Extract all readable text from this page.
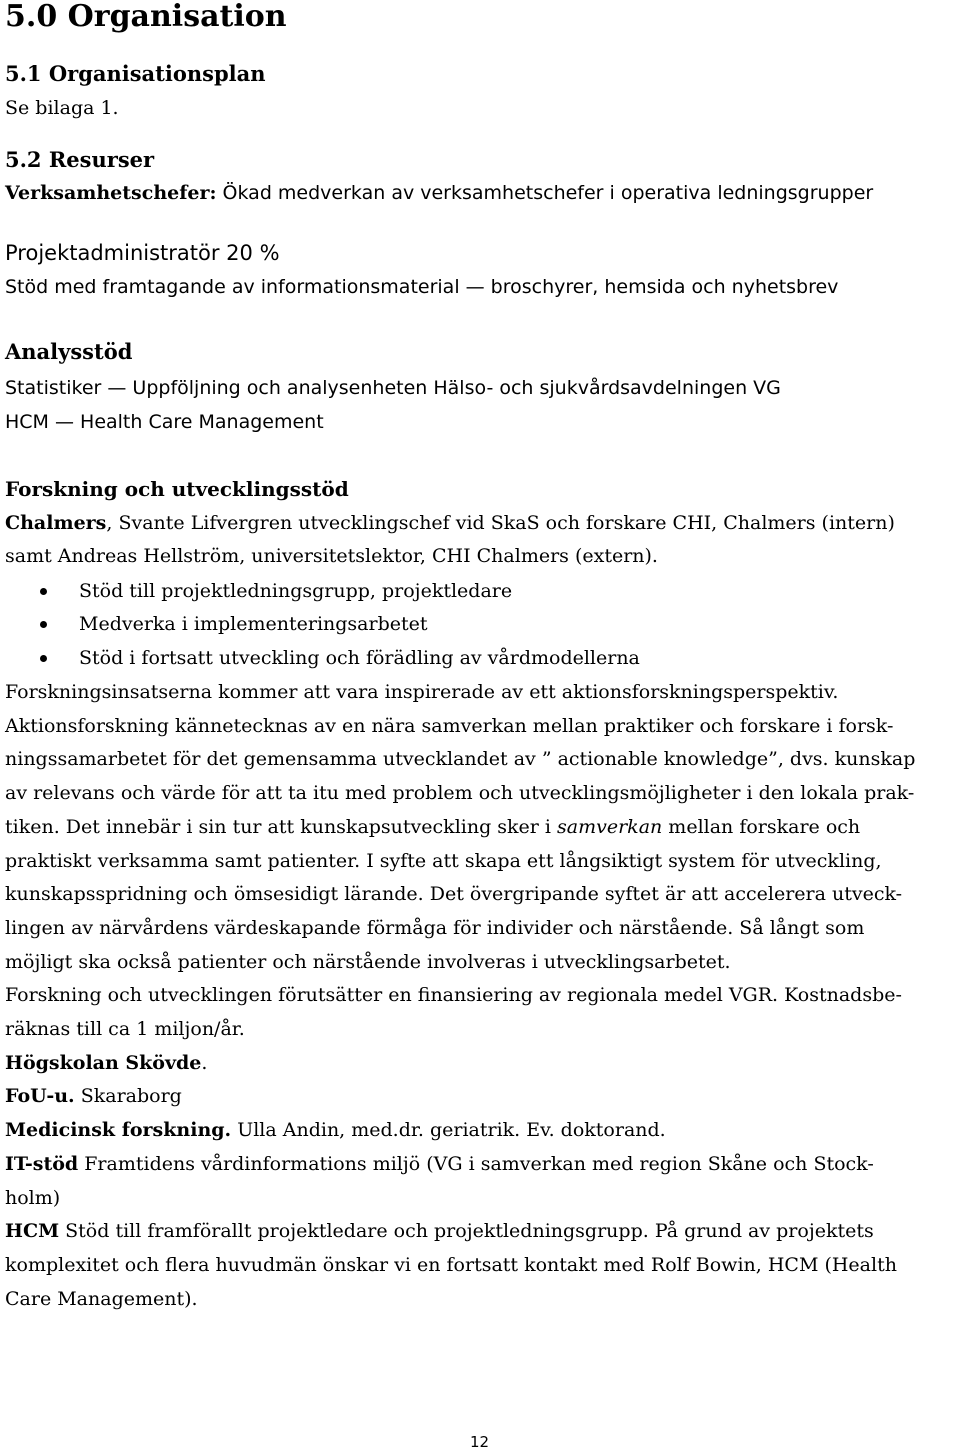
5.0 Organisation
5.1 Organisationsplan
Se bilaga 1.
5.2 Resurser
Verksamhetschefer: Ökad medverkan av verksamhetschefer i operativa ledningsgrupper
Projektadministratör 20 %
Stöd med framtagande av informationsmaterial — broschyrer, hemsida och nyhetsbrev
Analysstöd
Statistiker — Uppföljning och analysenheten Hälso- och sjukvårdsavdelningen VG
HCM — Health Care Management
Forskning och utvecklingsstöd
Chalmers, Svante Lifvergren utvecklingschef vid SkaS och forskare CHI, Chalmers (intern)
samt Andreas Hellström, universitetslektor, CHI Chalmers (extern).
Stöd till projektledningsgrupp, projektledare
Medverka i implementeringsarbetet
Stöd i fortsatt utveckling och förädling av vårdmodellerna
Forskningsinsatserna kommer att vara inspirerade av ett aktionsforskningsperspektiv.
Aktionsforskning kännetecknas av en nära samverkan mellan praktiker och forskare i forsk-
ningssamarbetet för det gemensamma utvecklandet av ” actionable knowledge”, dvs. kunskap
av relevans och värde för att ta itu med problem och utvecklingsmöjligheter i den lokala prak-
tiken. Det innebär i sin tur att kunskapsutveckling sker i samverkan mellan forskare och
praktiskt verksamma samt patienter. I syfte att skapa ett långsiktigt system för utveckling,
kunskapsspridning och ömsesidigt lärande. Det övergripande syftet är att accelerera utveck-
lingen av närvårdens värdeskapande förmåga för individer och närstående. Så långt som
möjligt ska också patienter och närstående involveras i utvecklingsarbetet.
Forskning och utvecklingen förutsätter en finansiering av regionala medel VGR. Kostnadsbe-
räknas till ca 1 miljon/år.
Högskolan Skövde.
FoU-u. Skaraborg
Medicinsk forskning. Ulla Andin, med.dr. geriatrik. Ev. doktorand.
IT-stöd Framtidens vårdinformations miljö (VG i samverkan med region Skåne och Stock-
holm)
HCM Stöd till framförallt projektledare och projektledningsgrupp. På grund av projektets
komplexitet och flera huvudmän önskar vi en fortsatt kontakt med Rolf Bowin, HCM (Health
Care Management).
12
